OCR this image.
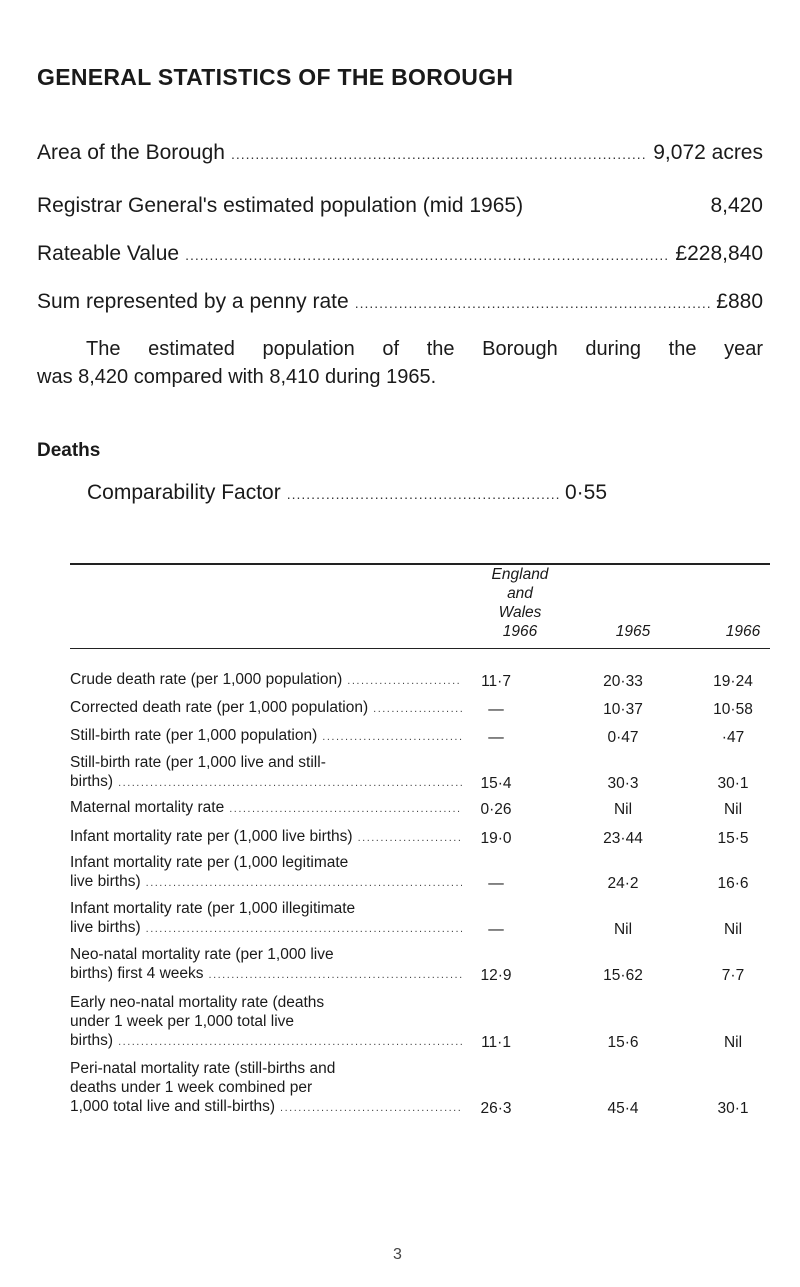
GENERAL STATISTICS OF THE BOROUGH
Area of the Borough .....	9,072 acres
Registrar General's estimated population (mid 1965)	8,420
Rateable Value .....	£228,840
Sum represented by a penny rate .....	£880
The estimated population of the Borough during the year
was 8,420 compared with 8,410 during 1965.
Deaths
Comparability Factor .....	0·55
England
and
Wales
1966	1965	1966
Crude death rate (per 1,000 population) .....	11·7	20·33	19·24
Corrected death rate (per 1,000 population) .....	—	10·37	10·58
Still-birth rate (per 1,000 population) .....	—	0·47	·47
Still-birth rate (per 1,000 live and still-
births) .....	15·4	30·3	30·1
Maternal mortality rate .....	0·26	Nil	Nil
Infant mortality rate per (1,000 live births) .....	19·0	23·44	15·5
Infant mortality rate per (1,000 legitimate
live births) .....	—	24·2	16·6
Infant mortality rate (per 1,000 illegitimate
live births) .....	—	Nil	Nil
Neo-natal mortality rate (per 1,000 live
births) first 4 weeks .....	12·9	15·62	7·7
Early neo-natal mortality rate (deaths
under 1 week per 1,000 total live
births) .....	11·1	15·6	Nil
Peri-natal mortality rate (still-births and
deaths under 1 week combined per
1,000 total live and still-births) .....	26·3	45·4	30·1
3
